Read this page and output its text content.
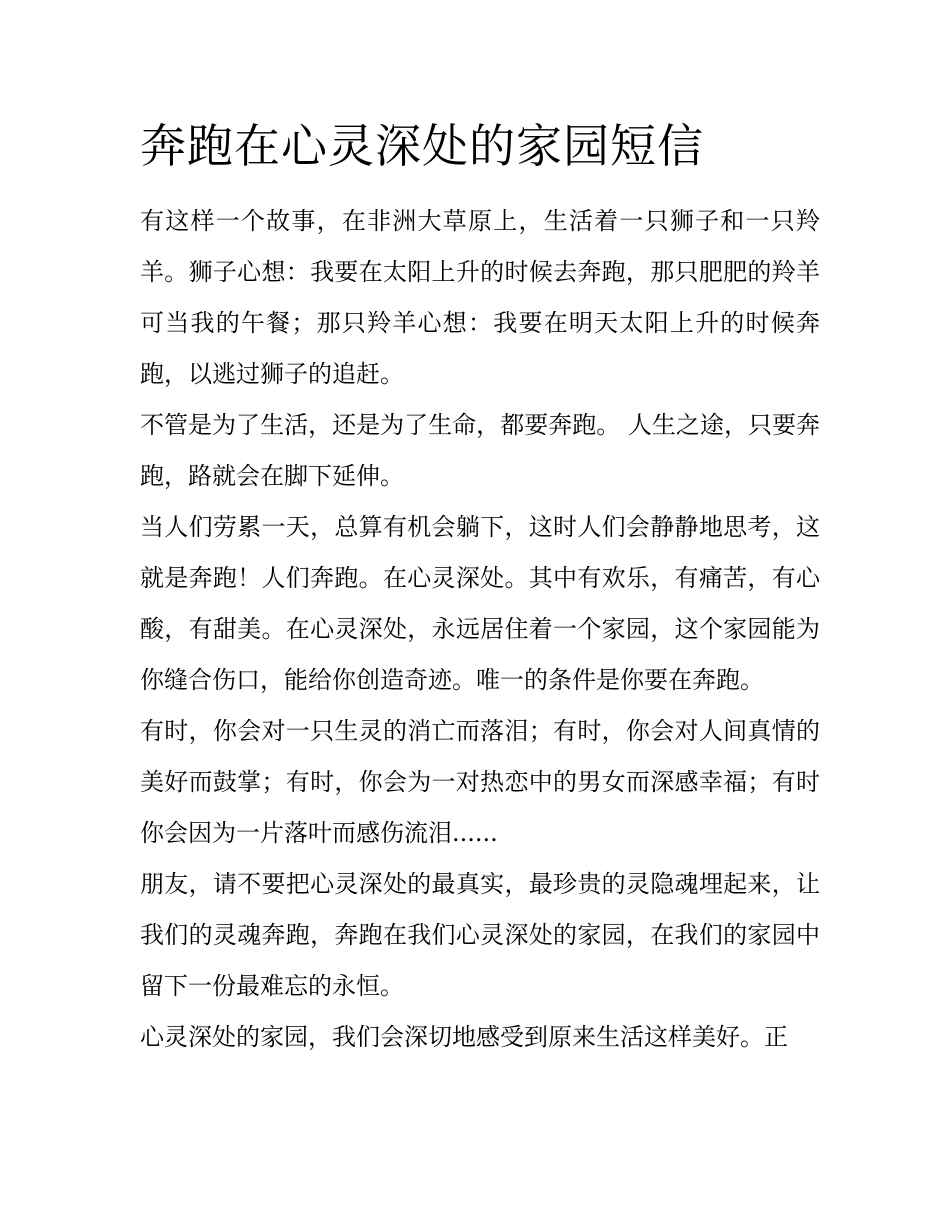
奔跑在心灵深处的家园短信

有这样一个故事，在非洲大草原上，生活着一只狮子和一只羚羊。狮子心想：我要在太阳上升的时候去奔跑，那只肥肥的羚羊可当我的午餐；那只羚羊心想：我要在明天太阳上升的时候奔跑，以逃过狮子的追赶。

不管是为了生活，还是为了生命，都要奔跑。 人生之途，只要奔跑，路就会在脚下延伸。

当人们劳累一天，总算有机会躺下，这时人们会静静地思考，这就是奔跑！人们奔跑。在心灵深处。其中有欢乐，有痛苦，有心酸，有甜美。在心灵深处，永远居住着一个家园，这个家园能为你缝合伤口，能给你创造奇迹。唯一的条件是你要在奔跑。

有时，你会对一只生灵的消亡而落泪；有时，你会对人间真情的美好而鼓掌；有时，你会为一对热恋中的男女而深感幸福；有时你会因为一片落叶而感伤流泪......

朋友，请不要把心灵深处的最真实，最珍贵的灵隐魂埋起来，让我们的灵魂奔跑，奔跑在我们心灵深处的家园，在我们的家园中留下一份最难忘的永恒。

心灵深处的家园，我们会深切地感受到原来生活这样美好。正
